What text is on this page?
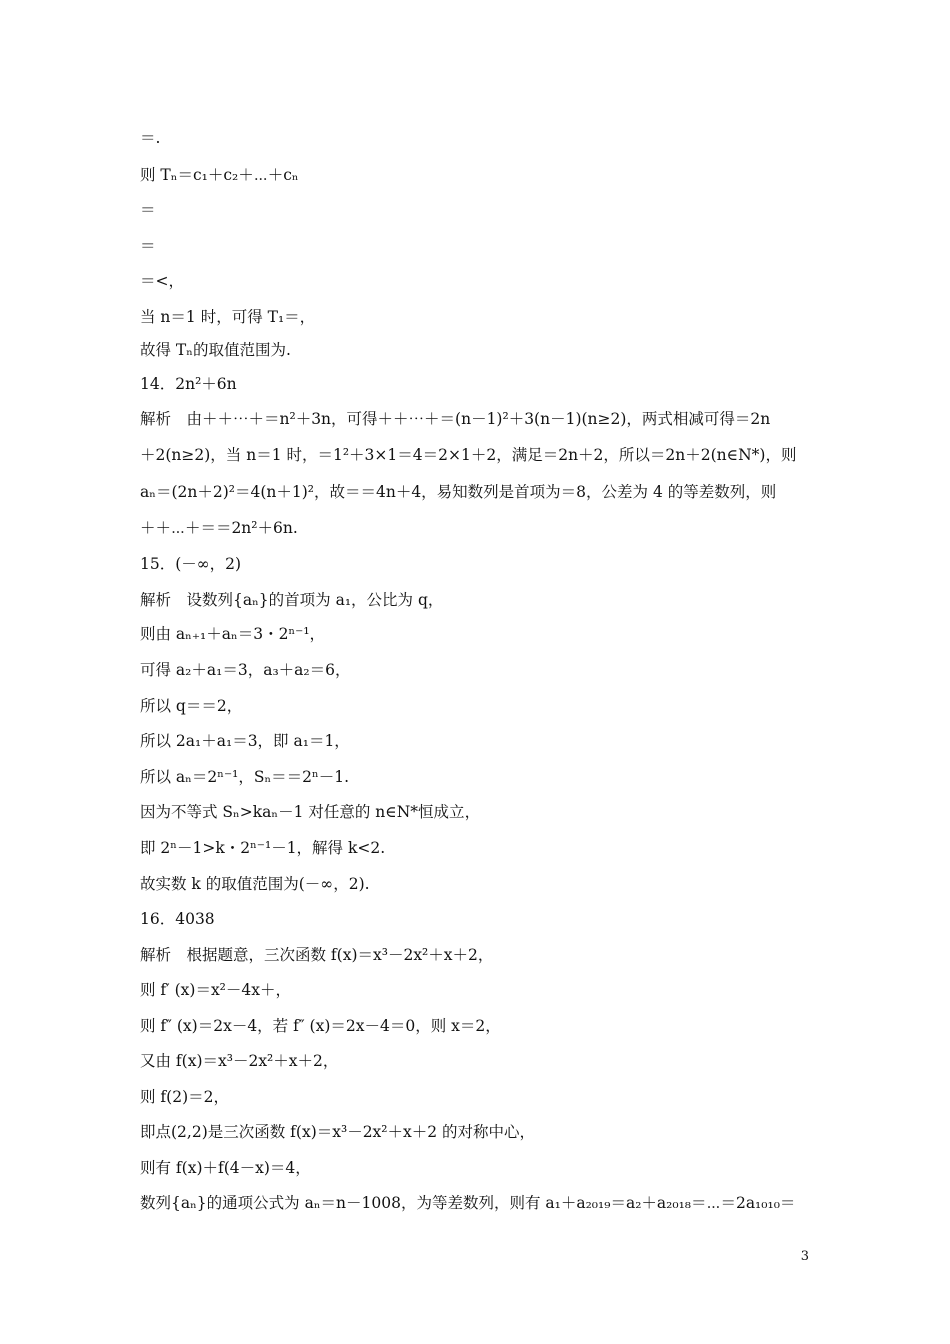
＝.
则 Tₙ＝c₁＋c₂＋⋯＋cₙ
＝
＝
＝<，
当 n＝1 时，可得 T₁＝，
故得 Tₙ的取值范围为.
14．2n²＋6n
解析　由＋＋⋯＋＝n²＋3n，可得＋＋⋯＋＝(n－1)²＋3(n－1)(n≥2)，两式相减可得＝2n
＋2(n≥2)，当 n＝1 时，＝1²＋3×1＝4＝2×1＋2，满足＝2n＋2，所以＝2n＋2(n∈N*)，则
aₙ＝(2n＋2)²＝4(n＋1)²，故＝＝4n＋4，易知数列是首项为＝8，公差为 4 的等差数列，则
＋＋⋯＋＝＝2n²＋6n.
15．(－∞，2)
解析　设数列{aₙ}的首项为 a₁，公比为 q，
则由 aₙ₊₁＋aₙ＝3・2ⁿ⁻¹，
可得 a₂＋a₁＝3，a₃＋a₂＝6，
所以 q＝＝2，
所以 2a₁＋a₁＝3，即 a₁＝1，
所以 aₙ＝2ⁿ⁻¹，Sₙ＝＝2ⁿ－1.
因为不等式 Sₙ>kaₙ－1 对任意的 n∈N*恒成立，
即 2ⁿ－1>k・2ⁿ⁻¹－1，解得 k<2.
故实数 k 的取值范围为(－∞，2).
16．4038
解析　根据题意，三次函数 f(x)＝x³－2x²＋x＋2，
则 f′ (x)＝x²－4x＋，
则 f″ (x)＝2x－4，若 f″ (x)＝2x－4＝0，则 x＝2，
又由 f(x)＝x³－2x²＋x＋2，
则 f(2)＝2，
即点(2,2)是三次函数 f(x)＝x³－2x²＋x＋2 的对称中心，
则有 f(x)＋f(4－x)＝4，
数列{aₙ}的通项公式为 aₙ＝n－1008，为等差数列，则有 a₁＋a₂₀₁₉＝a₂＋a₂₀₁₈＝⋯＝2a₁₀₁₀＝
3
